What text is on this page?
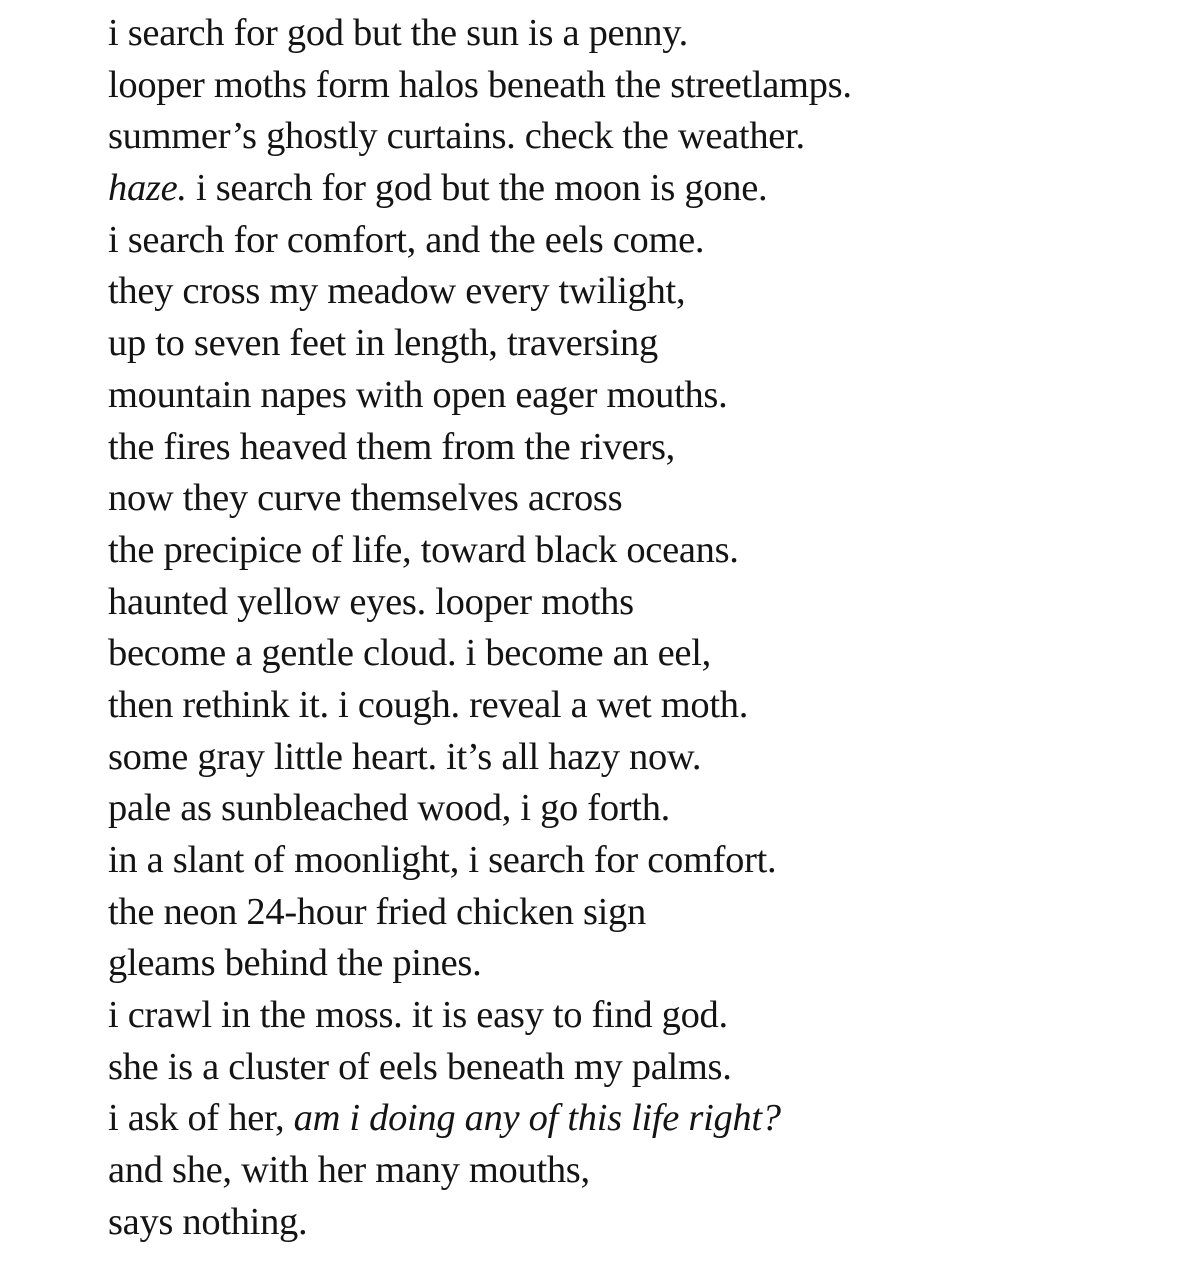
i search for god but the sun is a penny.
looper moths form halos beneath the streetlamps.
summer’s ghostly curtains. check the weather.
haze. i search for god but the moon is gone.
i search for comfort, and the eels come.
they cross my meadow every twilight,
up to seven feet in length, traversing
mountain napes with open eager mouths.
the fires heaved them from the rivers,
now they curve themselves across
the precipice of life, toward black oceans.
haunted yellow eyes. looper moths
become a gentle cloud. i become an eel,
then rethink it. i cough. reveal a wet moth.
some gray little heart. it’s all hazy now.
pale as sunbleached wood, i go forth.
in a slant of moonlight, i search for comfort.
the neon 24-hour fried chicken sign
gleams behind the pines.
i crawl in the moss. it is easy to find god.
she is a cluster of eels beneath my palms.
i ask of her, am i doing any of this life right?
and she, with her many mouths,
says nothing.
